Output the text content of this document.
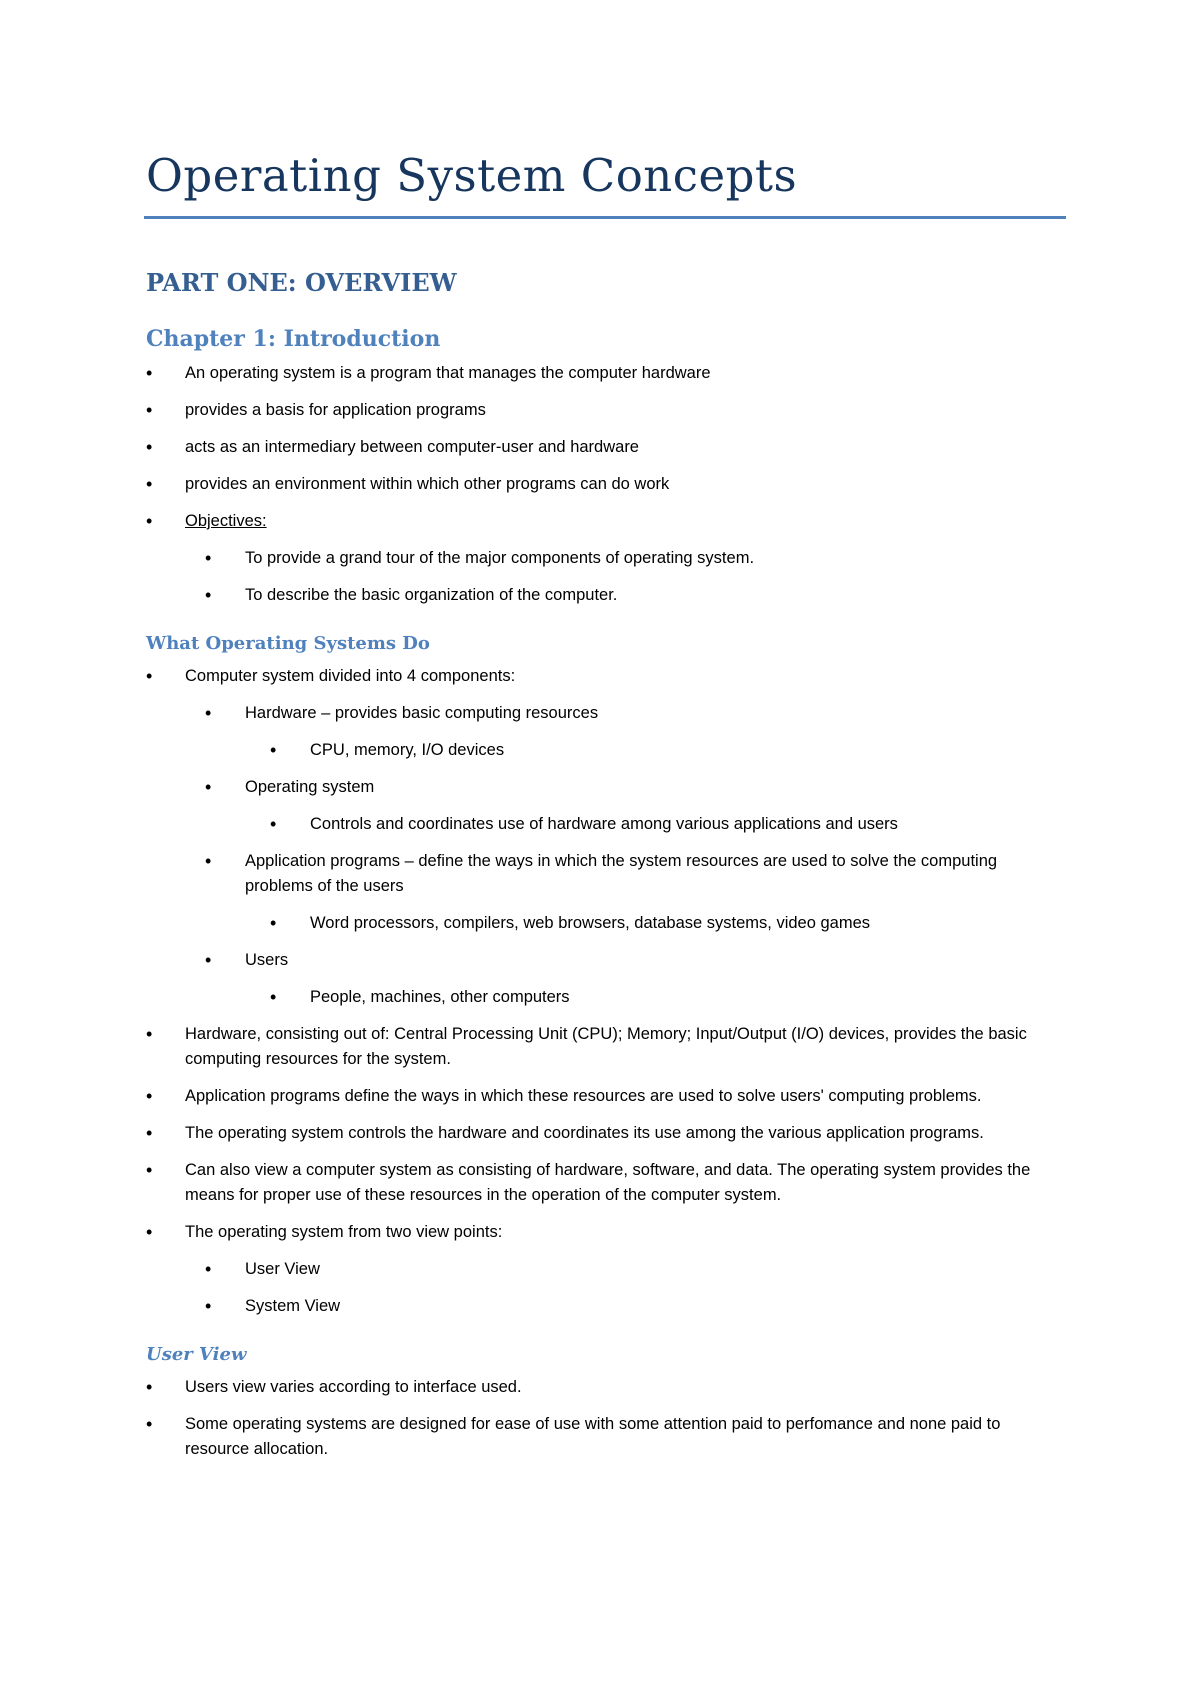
Operating System Concepts
PART ONE: OVERVIEW
Chapter 1: Introduction
• An operating system is a program that manages the computer hardware
• provides a basis for application programs
• acts as an intermediary between computer-user and hardware
• provides an environment within which other programs can do work
• Objectives:
• To provide a grand tour of the major components of operating system.
• To describe the basic organization of the computer.
What Operating Systems Do
• Computer system divided into 4 components:
• Hardware – provides basic computing resources
• CPU, memory, I/O devices
• Operating system
• Controls and coordinates use of hardware among various applications and users
• Application programs – define the ways in which the system resources are used to solve the computing problems of the users
• Word processors, compilers, web browsers, database systems, video games
• Users
• People, machines, other computers
• Hardware, consisting out of: Central Processing Unit (CPU); Memory; Input/Output (I/O) devices, provides the basic computing resources for the system.
• Application programs define the ways in which these resources are used to solve users' computing problems.
• The operating system controls the hardware and coordinates its use among the various application programs.
• Can also view a computer system as consisting of hardware, software, and data. The operating system provides the means for proper use of these resources in the operation of the computer system.
• The operating system from two view points:
• User View
• System View
User View
• Users view varies according to interface used.
• Some operating systems are designed for ease of use with some attention paid to perfomance and none paid to resource allocation.
